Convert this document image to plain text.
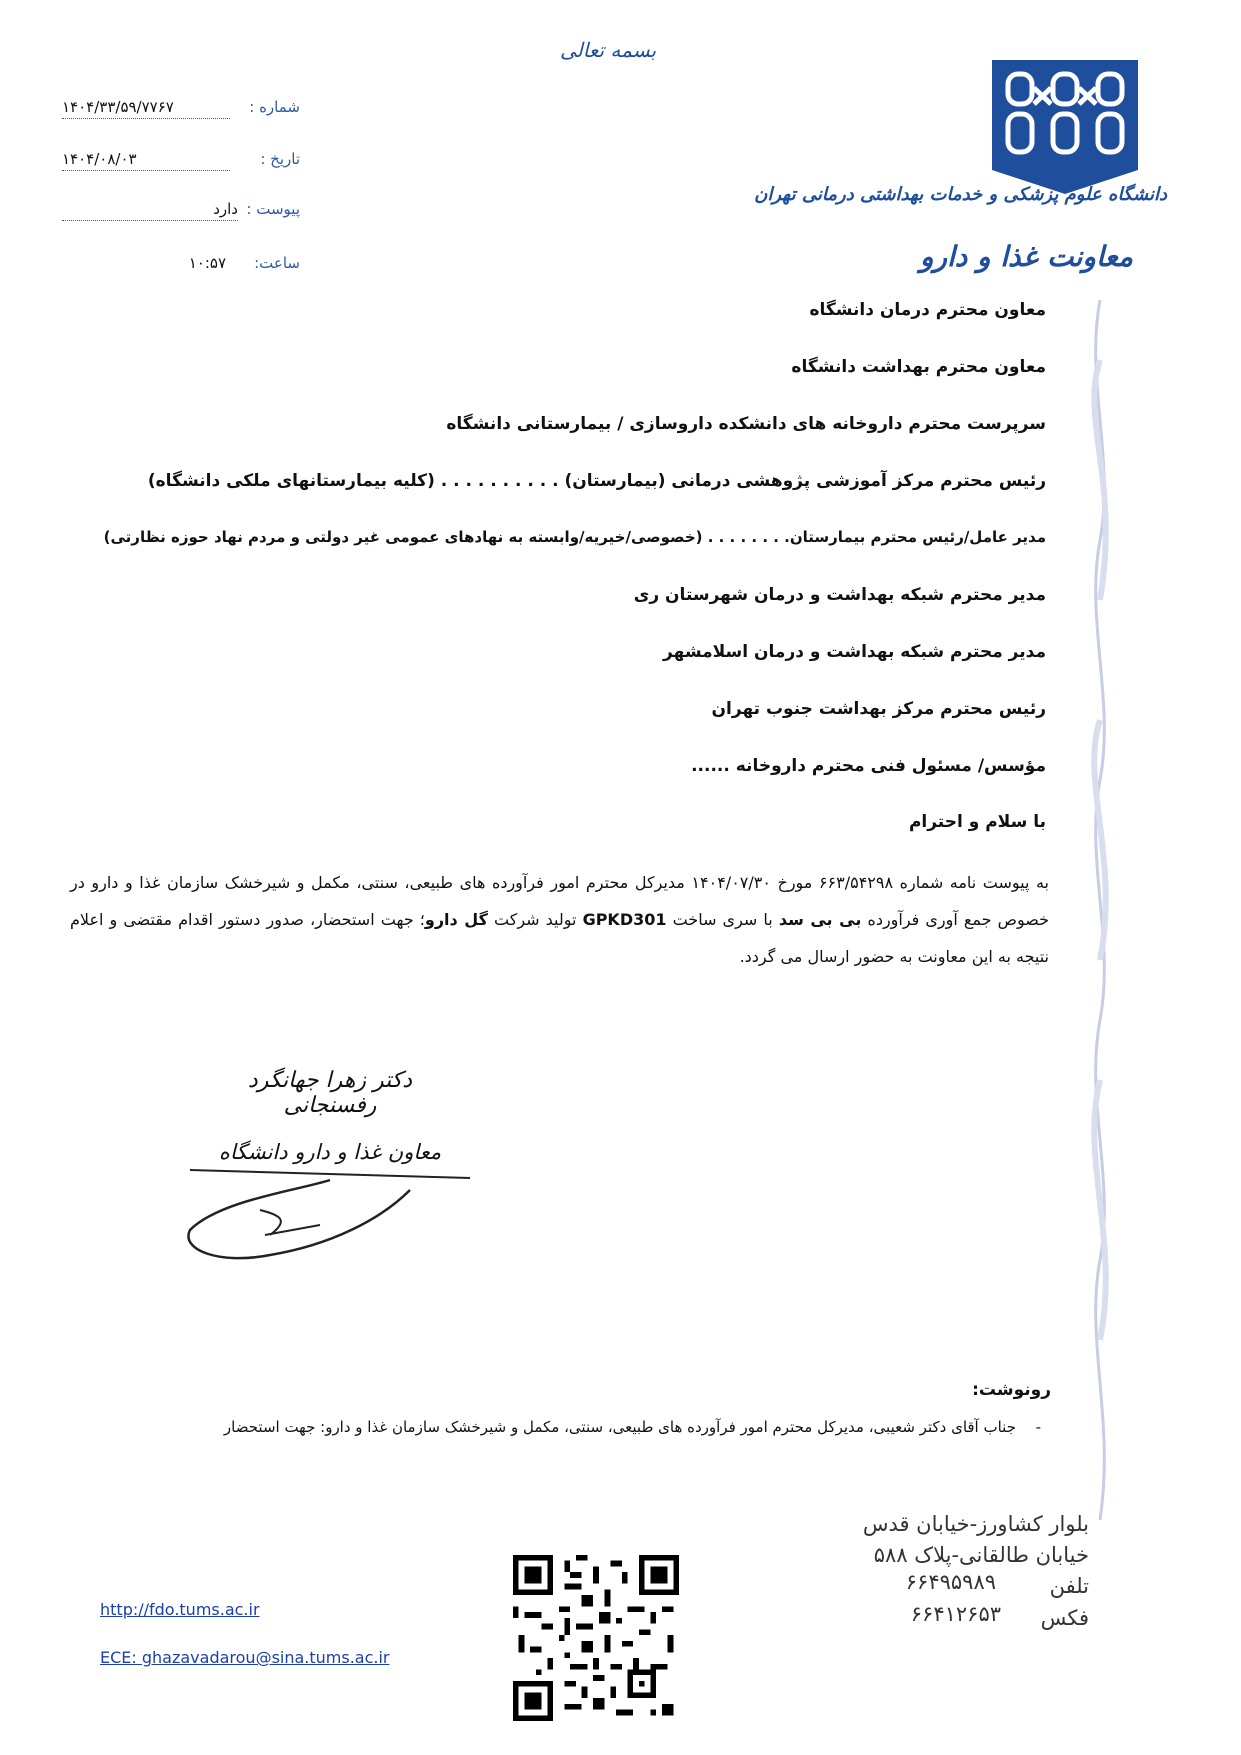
بسمه تعالی
شماره :
۱۴۰۴/۳۳/۵۹/۷۷۶۷
تاریخ :
۱۴۰۴/۰۸/۰۳
پیوست :
دارد
ساعت:
۱۰:۵۷
دانشگاه علوم پزشکی و خدمات بهداشتی درمانی تهران
معاونت غذا و دارو
معاون محترم درمان دانشگاه
معاون محترم بهداشت دانشگاه
سرپرست محترم داروخانه های دانشکده داروسازی / بیمارستانی دانشگاه
رئیس محترم مرکز آموزشی پژوهشی درمانی (بیمارستان) . . . . . . . . . . (کلیه بیمارستانهای ملکی دانشگاه)
مدیر عامل/رئیس محترم بیمارستان. . . . . . . . (خصوصی/خیریه/وابسته به نهادهای عمومی غیر دولتی و مردم نهاد حوزه نظارتی)
مدیر محترم شبکه بهداشت و درمان شهرستان ری
مدیر محترم شبکه بهداشت و درمان اسلامشهر
رئیس محترم مرکز بهداشت جنوب تهران
مؤسس/ مسئول فنی محترم داروخانه ......
با سلام و احترام
به پیوست نامه شماره ۶۶۳/۵۴۲۹۸ مورخ ۱۴۰۴/۰۷/۳۰ مدیرکل محترم امور فرآورده های طبیعی، سنتی، مکمل و شیرخشک سازمان غذا و دارو در خصوص جمع آوری فرآورده بی بی سد با سری ساخت GPKD301 تولید شرکت گل دارو؛ جهت استحضار، صدور دستور اقدام مقتضی و اعلام نتیجه به این معاونت به حضور ارسال می گردد.
دکتر زهرا جهانگرد رفسنجانی
معاون غذا و دارو دانشگاه
رونوشت:
-
جناب آقای دکتر شعیبی، مدیرکل محترم امور فرآورده های طبیعی، سنتی، مکمل و شیرخشک سازمان غذا و دارو: جهت استحضار
بلوار کشاورز-خیابان قدس
خیابان طالقانی-پلاک ۵۸۸
تلفن
۶۶۴۹۵۹۸۹
فکس
۶۶۴۱۲۶۵۳
http://fdo.tums.ac.ir
ECE: ghazavadarou@sina.tums.ac.ir
